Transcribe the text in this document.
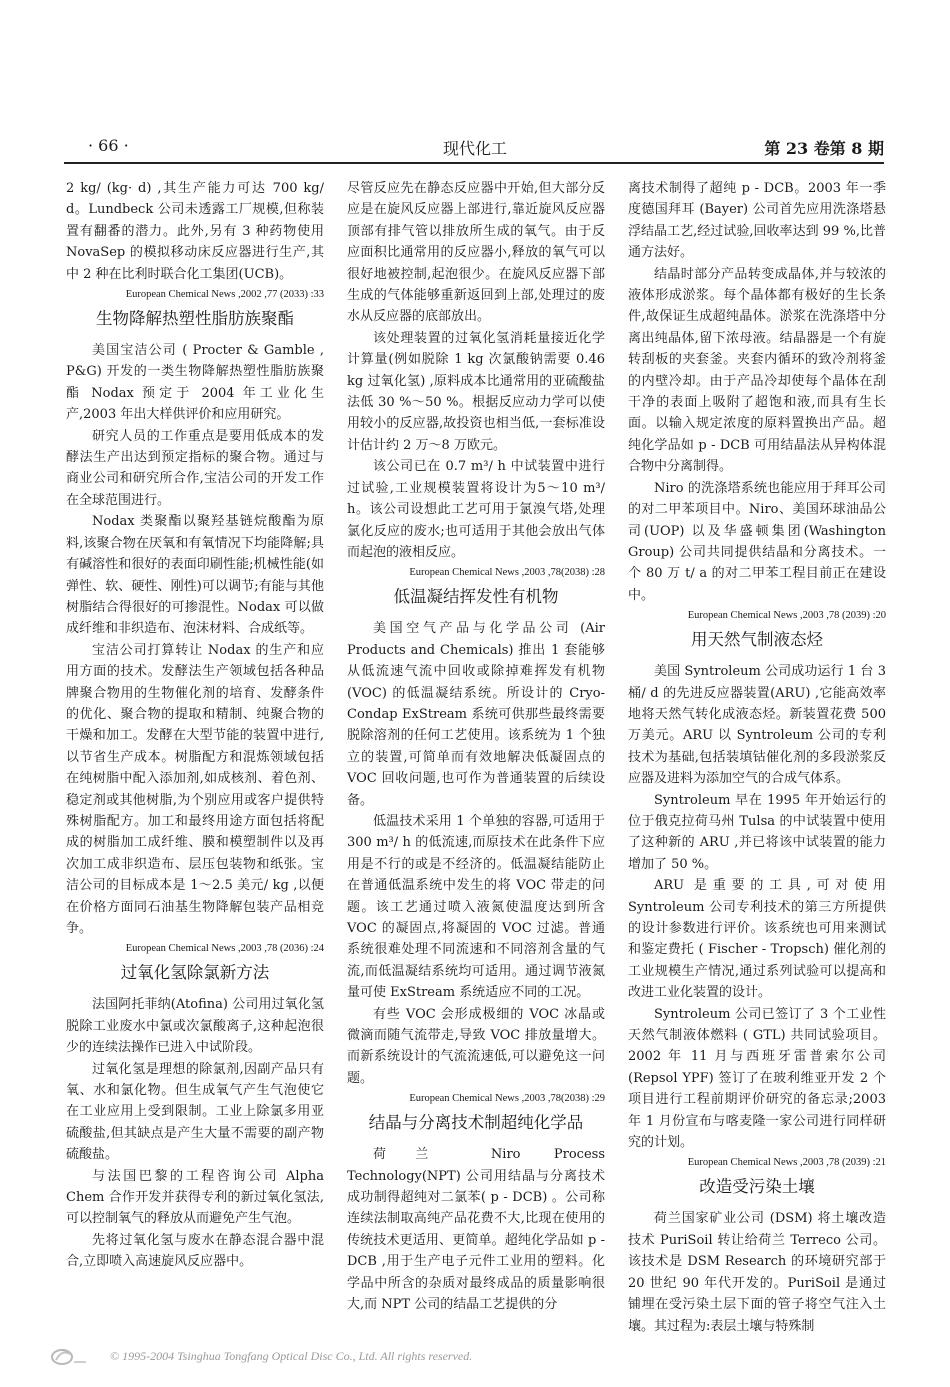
· 66 ·	现代化工	第 23 卷第 8 期

2 kg/ (kg· d) ,其生产能力可达 700 kg/ d。Lundbeck 公司未透露工厂规模,但称装置有翻番的潜力。此外,另有 3 种药物使用 NovaSep 的模拟移动床反应器进行生产,其中 2 种在比利时联合化工集团(UCB)。

European Chemical News ,2002 ,77 (2033) :33
生物降解热塑性脂肪族聚酯

美国宝洁公司 ( Procter & Gamble , P&G) 开发的一类生物降解热塑性脂肪族聚酯 Nodax 预定于 2004 年工业化生产,2003 年出大样供评价和应用研究。

研究人员的工作重点是要用低成本的发酵法生产出达到预定指标的聚合物。通过与商业公司和研究所合作,宝洁公司的开发工作在全球范围进行。

Nodax 类聚酯以聚羟基链烷酸酯为原料,该聚合物在厌氧和有氧情况下均能降解;具有碱溶性和很好的表面印刷性能;机械性能(如弹性、软、硬性、刚性)可以调节;有能与其他树脂结合得很好的可掺混性。Nodax 可以做成纤维和非织造布、泡沫材料、合成纸等。

宝洁公司打算转让 Nodax 的生产和应用方面的技术。发酵法生产领域包括各种品牌聚合物用的生物催化剂的培育、发酵条件的优化、聚合物的提取和精制、纯聚合物的干燥和加工。发酵在大型节能的装置中进行,以节省生产成本。树脂配方和混炼领域包括在纯树脂中配入添加剂,如成核剂、着色剂、稳定剂或其他树脂,为个别应用或客户提供特殊树脂配方。加工和最终用途方面包括将配成的树脂加工成纤维、膜和模塑制件以及再次加工成非织造布、层压包装物和纸张。宝洁公司的目标成本是 1～2.5 美元/ kg ,以便在价格方面同石油基生物降解包装产品相竞争。

European Chemical News ,2003 ,78 (2036) :24
过氧化氢除氯新方法

法国阿托菲纳(Atofina) 公司用过氧化氢脱除工业废水中氯或次氯酸离子,这种起泡很少的连续法操作已进入中试阶段。

过氧化氢是理想的除氯剂,因副产品只有氧、水和氯化物。但生成氧气产生气泡使它在工业应用上受到限制。工业上除氯多用亚硫酸盐,但其缺点是产生大量不需要的副产物硫酸盐。

与法国巴黎的工程咨询公司 Alpha Chem 合作开发并获得专利的新过氧化氢法,可以控制氧气的释放从而避免产生气泡。

先将过氧化氢与废水在静态混合器中混合,立即喷入高速旋风反应器中。

尽管反应先在静态反应器中开始,但大部分反应是在旋风反应器上部进行,靠近旋风反应器顶部有排气管以排放所生成的氧气。由于反应面积比通常用的反应器小,释放的氧气可以很好地被控制,起泡很少。在旋风反应器下部生成的气体能够重新返回到上部,处理过的废水从反应器的底部放出。

该处理装置的过氧化氢消耗量接近化学计算量(例如脱除 1 kg 次氯酸钠需要 0.46 kg 过氧化氢) ,原料成本比通常用的亚硫酸盐法低 30 %～50 %。根据反应动力学可以使用较小的反应器,故投资也相当低,一套标准设计估计约 2 万～8 万欧元。

该公司已在 0.7 m³/ h 中试装置中进行过试验,工业规模装置将设计为5～10 m³/ h。该公司设想此工艺可用于氯溴气塔,处理氯化反应的废水;也可适用于其他会放出气体而起泡的液相反应。

European Chemical News ,2003 ,78(2038) :28
低温凝结挥发性有机物

美国空气产品与化学品公司 (Air Products and Chemicals) 推出 1 套能够从低流速气流中回收或除掉难挥发有机物(VOC) 的低温凝结系统。所设计的 Cryo-Condap ExStream 系统可供那些最终需要脱除溶剂的任何工艺使用。该系统为 1 个独立的装置,可简单而有效地解决低凝固点的 VOC 回收问题,也可作为普通装置的后续设备。

低温技术采用 1 个单独的容器,可适用于 300 m³/ h 的低流速,而原技术在此条件下应用是不行的或是不经济的。低温凝结能防止在普通低温系统中发生的将 VOC 带走的问题。该工艺通过喷入液氮使温度达到所含 VOC 的凝固点,将凝固的 VOC 过滤。普通系统很难处理不同流速和不同溶剂含量的气流,而低温凝结系统均可适用。通过调节液氮量可使 ExStream 系统适应不同的工况。

有些 VOC 会形成极细的 VOC 冰晶或微滴而随气流带走,导致 VOC 排放量增大。而新系统设计的气流流速低,可以避免这一问题。

European Chemical News ,2003 ,78(2038) :29
结晶与分离技术制超纯化学品

荷兰 Niro Process Technology(NPT) 公司用结晶与分离技术成功制得超纯对二氯苯( p - DCB) 。公司称连续法制取高纯产品花费不大,比现在使用的传统技术更适用、更简单。超纯化学品如 p - DCB ,用于生产电子元件工业用的塑料。化学品中所含的杂质对最终成品的质量影响很大,而 NPT 公司的结晶工艺提供的分

离技术制得了超纯 p - DCB。2003 年一季度德国拜耳 (Bayer) 公司首先应用洗涤塔悬浮结晶工艺,经过试验,回收率达到 99 %,比普通方法好。

结晶时部分产品转变成晶体,并与较浓的液体形成淤浆。每个晶体都有极好的生长条件,故保证生成超纯晶体。淤浆在洗涤塔中分离出纯晶体,留下浓母液。结晶器是一个有旋转刮板的夹套釜。夹套内循环的致冷剂将釜的内壁冷却。由于产品冷却使每个晶体在刮干净的表面上吸附了超饱和液,而具有生长面。以输入规定浓度的原料置换出产品。超纯化学品如 p - DCB 可用结晶法从异构体混合物中分离制得。

Niro 的洗涤塔系统也能应用于拜耳公司的对二甲苯项目中。Niro、美国环球油品公司(UOP) 以及华盛顿集团(Washington Group) 公司共同提供结晶和分离技术。一个 80 万 t/ a 的对二甲苯工程目前正在建设中。

European Chemical News ,2003 ,78 (2039) :20
用天然气制液态烃

美国 Syntroleum 公司成功运行 1 台 3 桶/ d 的先进反应器装置(ARU) ,它能高效率地将天然气转化成液态烃。新装置花费 500 万美元。ARU 以 Syntroleum 公司的专利技术为基础,包括装填钴催化剂的多段淤浆反应器及进料为添加空气的合成气体系。

Syntroleum 早在 1995 年开始运行的位于俄克拉荷马州 Tulsa 的中试装置中使用了这种新的 ARU ,并已将该中试装置的能力增加了 50 %。

ARU 是重要的工具,可对使用 Syntroleum 公司专利技术的第三方所提供的设计参数进行评价。该系统也可用来测试和鉴定费托 ( Fischer - Tropsch) 催化剂的工业规模生产情况,通过系列试验可以提高和改进工业化装置的设计。

Syntroleum 公司已签订了 3 个工业性天然气制液体燃料 ( GTL) 共同试验项目。2002 年 11 月与西班牙雷普索尔公司(Repsol YPF) 签订了在玻利维亚开发 2 个项目进行工程前期评价研究的备忘录;2003 年 1 月份宣布与喀麦隆一家公司进行同样研究的计划。

European Chemical News ,2003 ,78 (2039) :21
改造受污染土壤

荷兰国家矿业公司 (DSM) 将土壤改造技术 PuriSoil 转让给荷兰 Terreco 公司。该技术是 DSM Research 的环境研究部于 20 世纪 90 年代开发的。PuriSoil 是通过铺埋在受污染土层下面的管子将空气注入土壤。其过程为:表层土壤与特殊制

© 1995-2004 Tsinghua Tongfang Optical Disc Co., Ltd. All rights reserved.
